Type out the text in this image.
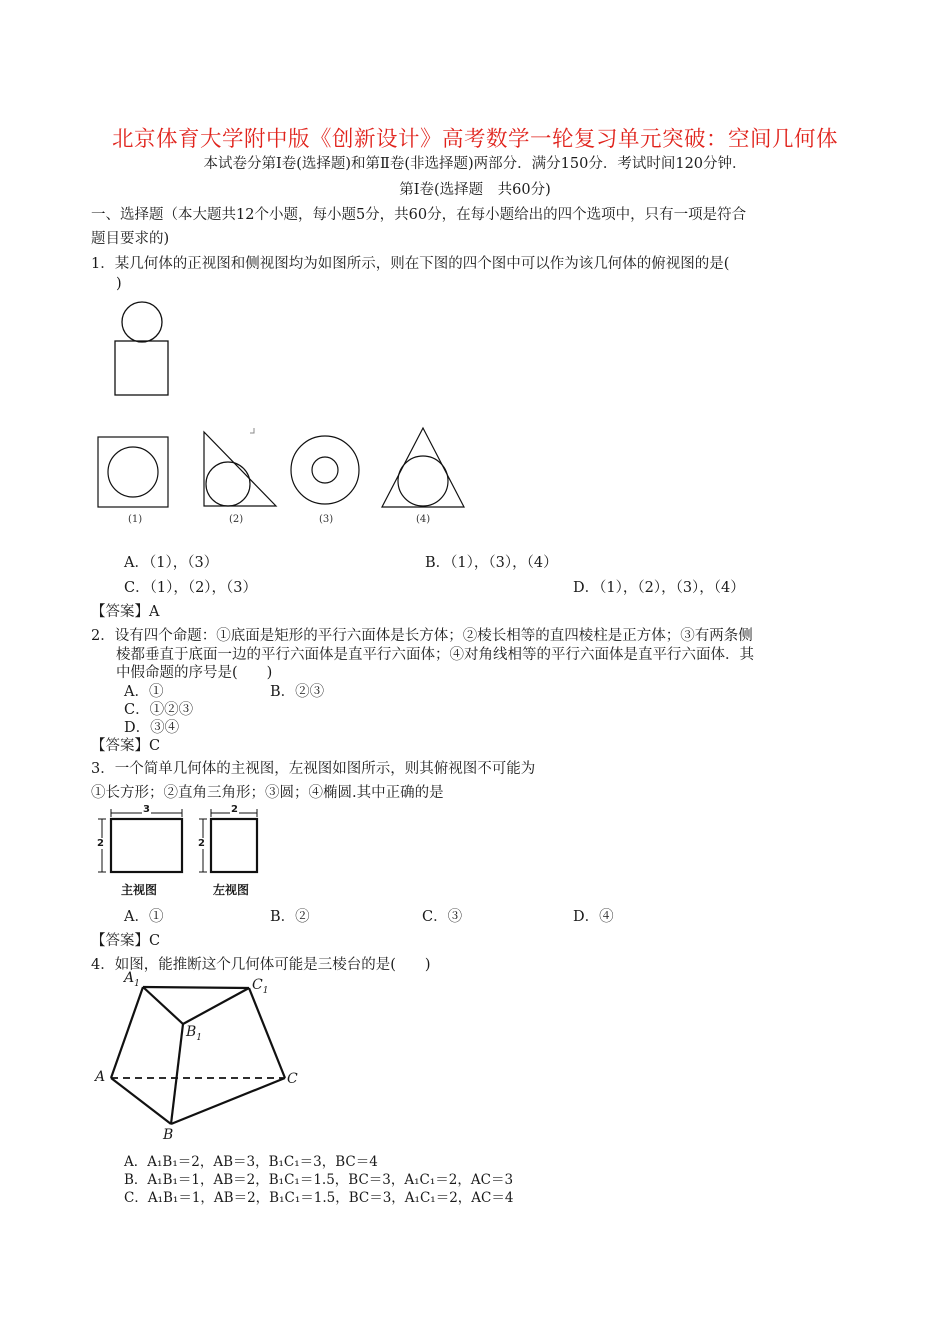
北京体育大学附中版《创新设计》高考数学一轮复习单元突破：空间几何体
本试卷分第Ⅰ卷(选择题)和第Ⅱ卷(非选择题)两部分．满分150分．考试时间120分钟．
第Ⅰ卷(选择题　共60分)
一、选择题（本大题共12个小题，每小题5分，共60分，在每小题给出的四个选项中，只有一项是符合
题目要求的)
1．某几何体的正视图和侧视图均为如图所示，则在下图的四个图中可以作为该几何体的俯视图的是(
)
(1)	(2)	(3)	(4)
A．（1），（3）	B．（1），（3），（4）
C．（1），（2），（3）	D．（1），（2），（3），（4）
【答案】A
2．设有四个命题：①底面是矩形的平行六面体是长方体；②棱长相等的直四棱柱是正方体；③有两条侧
棱都垂直于底面一边的平行六面体是直平行六面体；④对角线相等的平行六面体是直平行六面体．其
中假命题的序号是(　　)
A．①	B．②③
C．①②③
D．③④
【答案】C
3．一个简单几何体的主视图，左视图如图所示，则其俯视图不可能为
①长方形；②直角三角形；③圆；④椭圆.其中正确的是
3
2
2
2
主视图	左视图
A．①	B．②	C．③	D．④
【答案】C
4．如图，能推断这个几何体可能是三棱台的是(　　)
$A_1$	$C_1$
$B_1$
A	C
B
A．A₁B₁＝2，AB＝3，B₁C₁＝3，BC＝4
B．A₁B₁＝1，AB＝2，B₁C₁＝1.5，BC＝3，A₁C₁＝2，AC＝3
C．A₁B₁＝1，AB＝2，B₁C₁＝1.5，BC＝3，A₁C₁＝2，AC＝4
